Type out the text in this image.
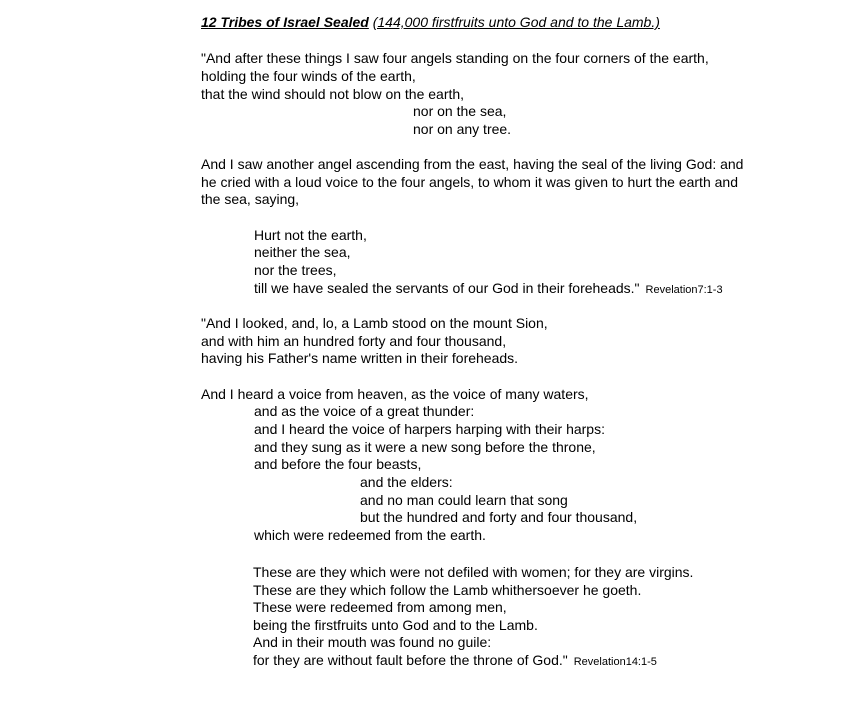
12 Tribes of Israel Sealed (144,000 firstfruits unto God and to the Lamb.)
"And after these things I saw four angels standing on the four corners of the earth,
holding the four winds of the earth,
that the wind should not blow on the earth,
nor on the sea,
nor on any tree.
And I saw another angel ascending from the east, having the seal of the living God: and
he cried with a loud voice to the four angels, to whom it was given to hurt the earth and
the sea, saying,
Hurt not the earth,
neither the sea,
nor the trees,
till we have sealed the servants of our God in their foreheads." Revelation7:1-3
"And I looked, and, lo, a Lamb stood on the mount Sion,
and with him an hundred forty and four thousand,
having his Father's name written in their foreheads.
And I heard a voice from heaven, as the voice of many waters,
and as the voice of a great thunder:
and I heard the voice of harpers harping with their harps:
and they sung as it were a new song before the throne,
and before the four beasts,
and the elders:
and no man could learn that song
but the hundred and forty and four thousand,
which were redeemed from the earth.
These are they which were not defiled with women; for they are virgins.
These are they which follow the Lamb whithersoever he goeth.
These were redeemed from among men,
being the firstfruits unto God and to the Lamb.
And in their mouth was found no guile:
for they are without fault before the throne of God." Revelation14:1-5
